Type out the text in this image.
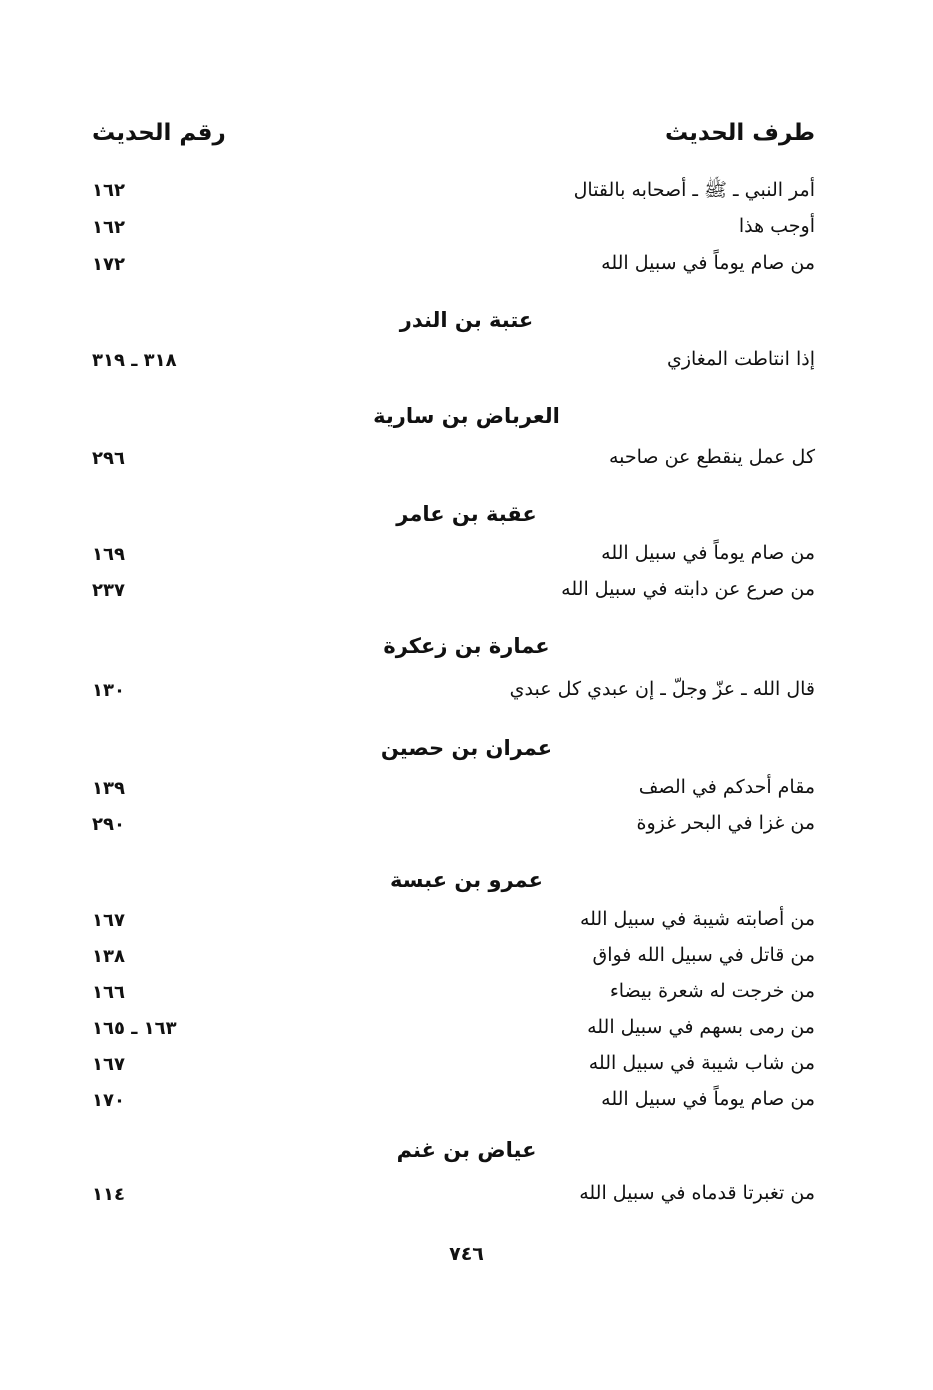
طرف الحديث
رقم الحديث
أمر النبي ـ ﷺ ـ أصحابه بالقتال
١٦٢
أوجب هذا
١٦٢
من صام يوماً في سبيل الله
١٧٢
عتبة بن الندر
إذا انتاطت المغازي
٣١٨ ـ ٣١٩
العرباض بن سارية
كل عمل ينقطع عن صاحبه
٢٩٦
عقبة بن عامر
من صام يوماً في سبيل الله
١٦٩
من صرع عن دابته في سبيل الله
٢٣٧
عمارة بن زعكرة
قال الله ـ عزّ وجلّ ـ إن عبدي كل عبدي
١٣٠
عمران بن حصين
مقام أحدكم في الصف
١٣٩
من غزا في البحر غزوة
٢٩٠
عمرو بن عبسة
من أصابته شيبة في سبيل الله
١٦٧
من قاتل في سبيل الله فواق
١٣٨
من خرجت له شعرة بيضاء
١٦٦
من رمى بسهم في سبيل الله
١٦٣ ـ ١٦٥
من شاب شيبة في سبيل الله
١٦٧
من صام يوماً في سبيل الله
١٧٠
عياض بن غنم
من تغبرتا قدماه في سبيل الله
١١٤
٧٤٦
